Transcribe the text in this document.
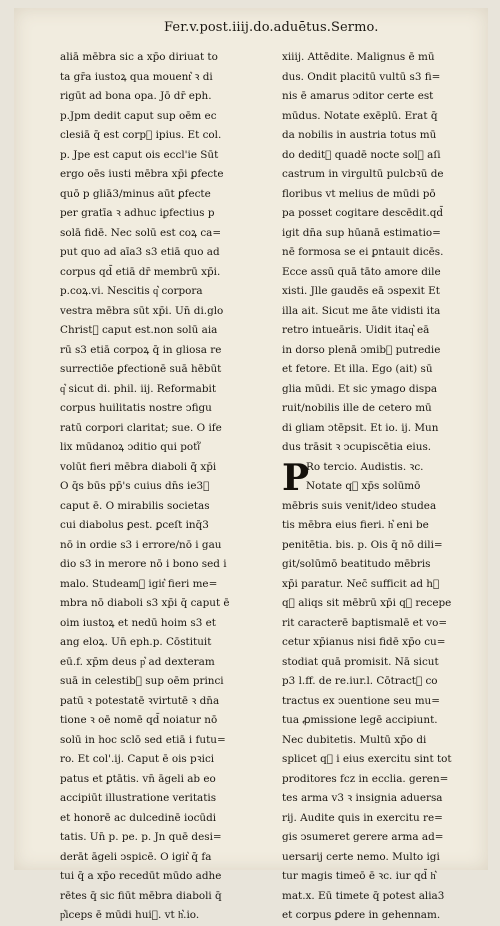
Fer.v.post.iiij.do.aduētus.Sermo.
aliā mēbra sic a xp̄o diriuat to
ta gr̄a iustoꝝ qua mouent͛ ꝛ di
rigūt ad bona opa. Jō dr̄ eph.
p.Jpm dedit caput sup oēm ec
clesiā q̄ est corp᷑ ipius. Et col.
p. Jpe est caput ois eccl'ie Sūt
ergo oēs iusti mēbra xp̄i ꝑfecte
quō p gliā3/minus aūt ꝑfecte
per gratīa ꝛ adhuc iꝑfectius p
solā fidē. Nec solū est coꝝ ca=
put quo ad aīa3 s3 etiā quo ad
corpus qd̄ etiā dr̄ membrū xp̄i.
p.coꝝ.vi. Nescitis q͛ corpora
vestra mēbra sūt xp̄i. Un̄ di.glo
Christ᷑ caput est.non solū aia
rū s3 etiā corpoꝝ q̄ in gliosa re
surrectiōe ꝑfectionē suā hēbūt
q͛ sicut di. phil. iij. Reformabit
corpus huilitatis nostre ↄfigu
ratū corpori claritat; sue. O ife
lix mūdanoꝝ ↄditio qui poti᷑
volūt fieri mēbra diaboli q̄̄ xp̄i
O q̄s būs pp̄'s cuius dn̄s ie3᷑
caput ē. O mirabilis societas
cui diabolus ꝑest. ꝑceſt inq̄3
nō in ordie s3 i errore/nō i gau
dio s3 in merore nō i bono sed i
malo. Studeam᷑ igit͛ fieri me=
mbra nō diaboli s3 xp̄i q̄ caput ē
oim iustoꝝ et nedū hoim s3 et
ang eloꝝ. Un̄ eph.p. Cōstituit
eū.f. xp̄m deus p͛ ad dexteram
suā in celestib᷑ sup oēm princi
patū ꝛ potestatē ꝛvirtutē ꝛ dn̄a
tione ꝛ oē nomē qd̄ noiatur nō
solū in hoc sclō sed etiā i futu=
ro. Et col'.ij. Caput ē ois pꝛici
patus et ꝑtātis. vn̄ āgeli ab eo
accipiūt illustratione veritatis
et honorē ac dulcedinē iocūdi
tatis. Un̄ p. pe. p. Jn quē desi=
derāt āgeli ↄspicē. O igit͛ q̄ fa
tui q̄ a xp̄o recedūt mūdo adhe
rētes q̄ sic fiūt mēbra diaboli q̄
p͛iceps ē mūdi hui᷑. vt h͛.io.
xiiij. Attēdite. Malignus ē mū
dus. Ondit placitū vultū s3 fi=
nis ē amarus ↄditor certe est
mūdus. Notate exēplū. Erat q̄
da nobilis in austria totus mū
do dedit᷑ quadē nocte sol᷑ aſi
castrum in virgultū pulcbꝛū de
floribus vt melius de mūdi pō
pa posset cogitare descēdit.qd̄
igit dn̄a sup hūanā estimatio=
nē formosa se ei ꝑntauit dicēs.
Ecce assū quā tāto amore dile
xisti. Jlle gaudēs eā ↄspexit Et
illa ait. Sicut me āte vidisti ita
retro intueāris. Uidit itaq͛ eā
in dorso plenā ↄmib᷑ putredie
et fetore. Et illa. Ego (ait) sū
glia mūdi. Et sic ymago dispa
ruit/nobilis ille de cetero mū
di gliam ↄtēpsit. Et io. ij. Mun
dus trāsit ꝛ ↄcupiscētia eius.
Ro tercio. Audistis. ꝛc.
Notate q᷑ xp̄s solūmō
mēbris suis venit/ideo studea
tis mēbra eius fieri. h͛ eni be
penitētia. bis. p. Ois q̄ nō dili=
git/solūmō beatitudo mēbris
xp̄i paratur. Nec̄ sufficit ad h᷑
q᷑ aliqs sit mēbrū xp̄i q᷑ recepe
rit caracterē baptismalē et vo=
cetur xp̄ianus nisi fidē xp̄o cu=
stodiat quā promisit. Nā sicut
p3 l.ff. de re.iur.l. Cōtract᷑ co
tractus ex ↄuentione seu mu=
tua ꝓmissione legē accipiunt.
Nec dubitetis. Multū xp̄o di
splicet q᷑ i eius exercitu sint tot
proditores fcz in ecclia. geren=
tes arma v3 ꝛ insignia aduersa
rij. Audite quis in exercitu re=
gis ↄsumeret gerere arma ad=
uersarij certe nemo. Multo igi
tur magis timeō ē ꝛc. iur qd̄ h͛
mat.x. Eū timete q̄ potest alia3
et corpus ꝑdere in gehennam.
P
